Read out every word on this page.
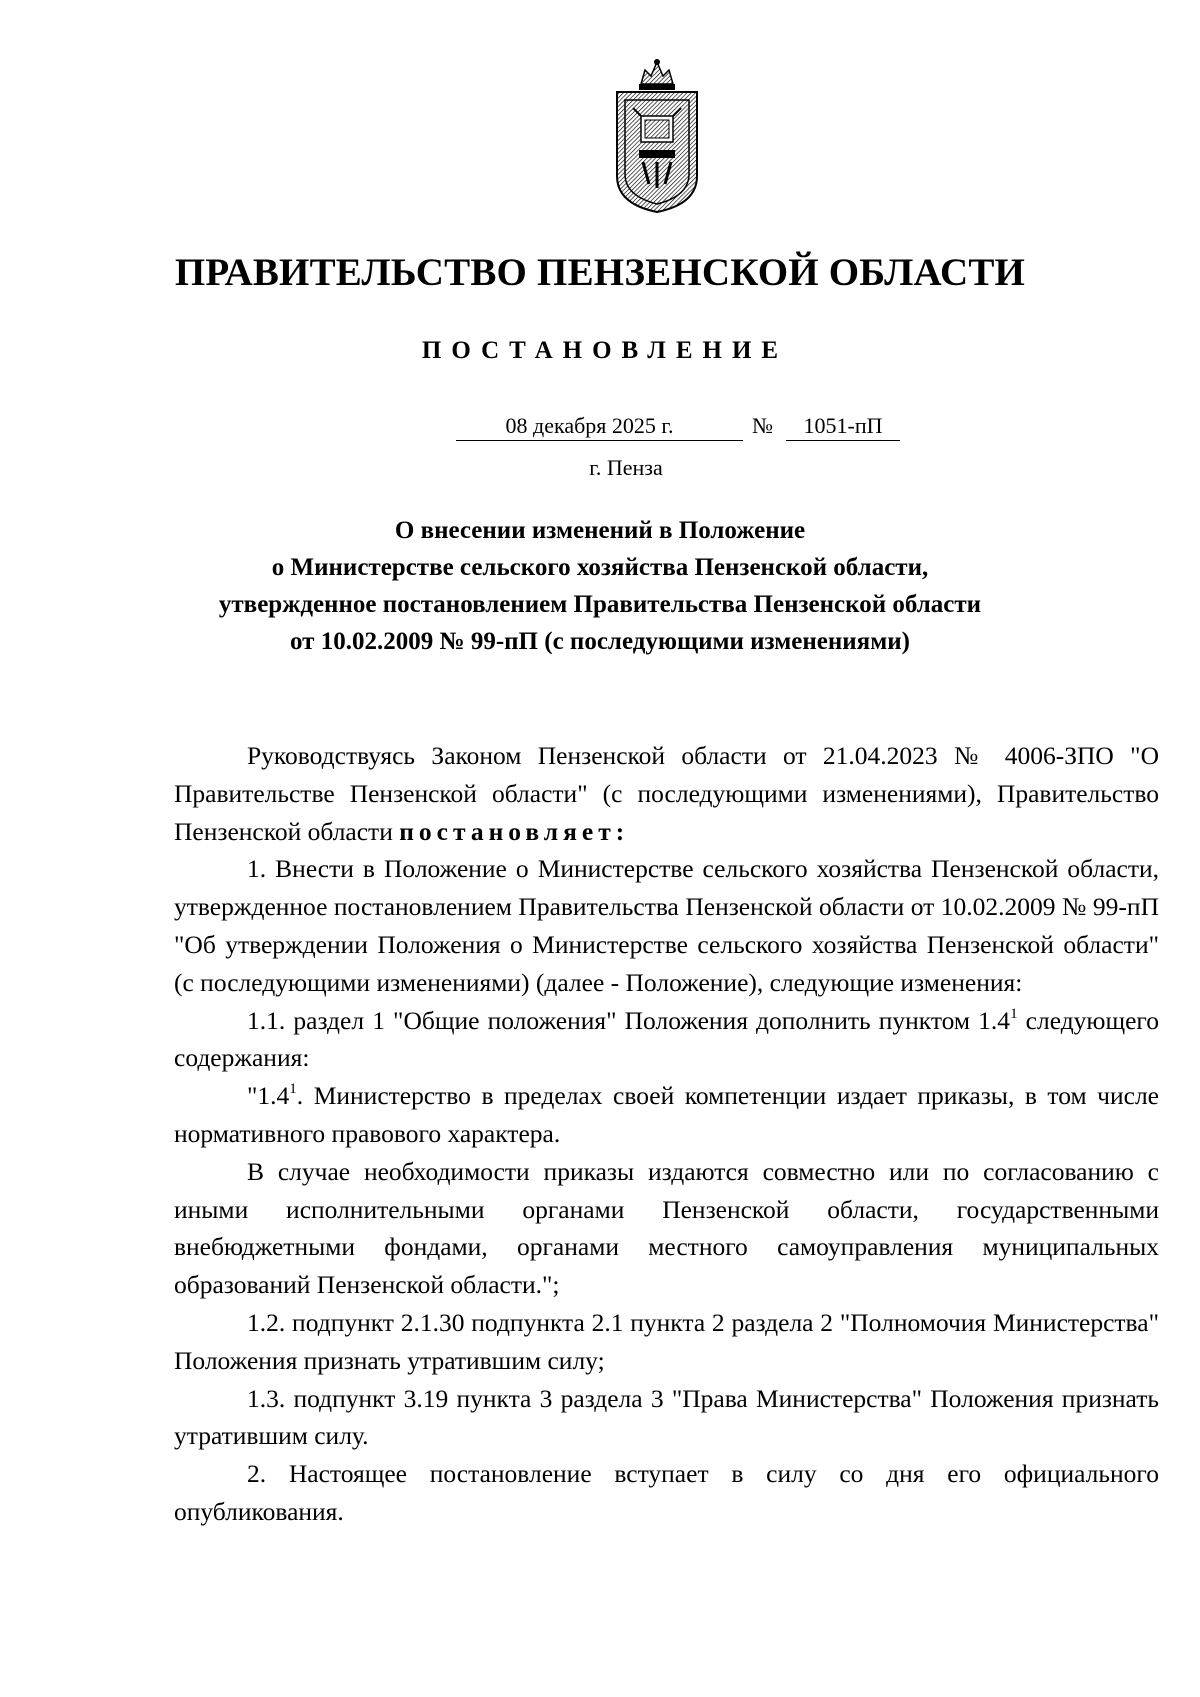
ПРАВИТЕЛЬСТВО ПЕНЗЕНСКОЙ ОБЛАСТИ
ПОСТАНОВЛЕНИЕ
08 декабря 2025 г.	№	1051-пП
г. Пенза
О внесении изменений в Положение
о Министерстве сельского хозяйства Пензенской области,
утвержденное постановлением Правительства Пензенской области
от 10.02.2009 № 99-пП (с последующими изменениями)

Руководствуясь Законом Пензенской области от 21.04.2023 № 4006-ЗПО "О Правительстве Пензенской области" (с последующими изменениями), Правительство Пензенской области постановляет:

1. Внести в Положение о Министерстве сельского хозяйства Пензенской области, утвержденное постановлением Правительства Пензенской области от 10.02.2009 № 99-пП "Об утверждении Положения о Министерстве сельского хозяйства Пензенской области" (с последующими изменениями) (далее - Положение), следующие изменения:

1.1. раздел 1 "Общие положения" Положения дополнить пунктом $1.4^1$ следующего содержания:

"$1.4^1$. Министерство в пределах своей компетенции издает приказы, в том числе нормативного правового характера.

В случае необходимости приказы издаются совместно или по согласованию с иными исполнительными органами Пензенской области, государственными внебюджетными фондами, органами местного самоуправления муниципальных образований Пензенской области.";

1.2. подпункт 2.1.30 подпункта 2.1 пункта 2 раздела 2 "Полномочия Министерства" Положения признать утратившим силу;

1.3. подпункт 3.19 пункта 3 раздела 3 "Права Министерства" Положения признать утратившим силу.

2. Настоящее постановление вступает в силу со дня его официального опубликования.
